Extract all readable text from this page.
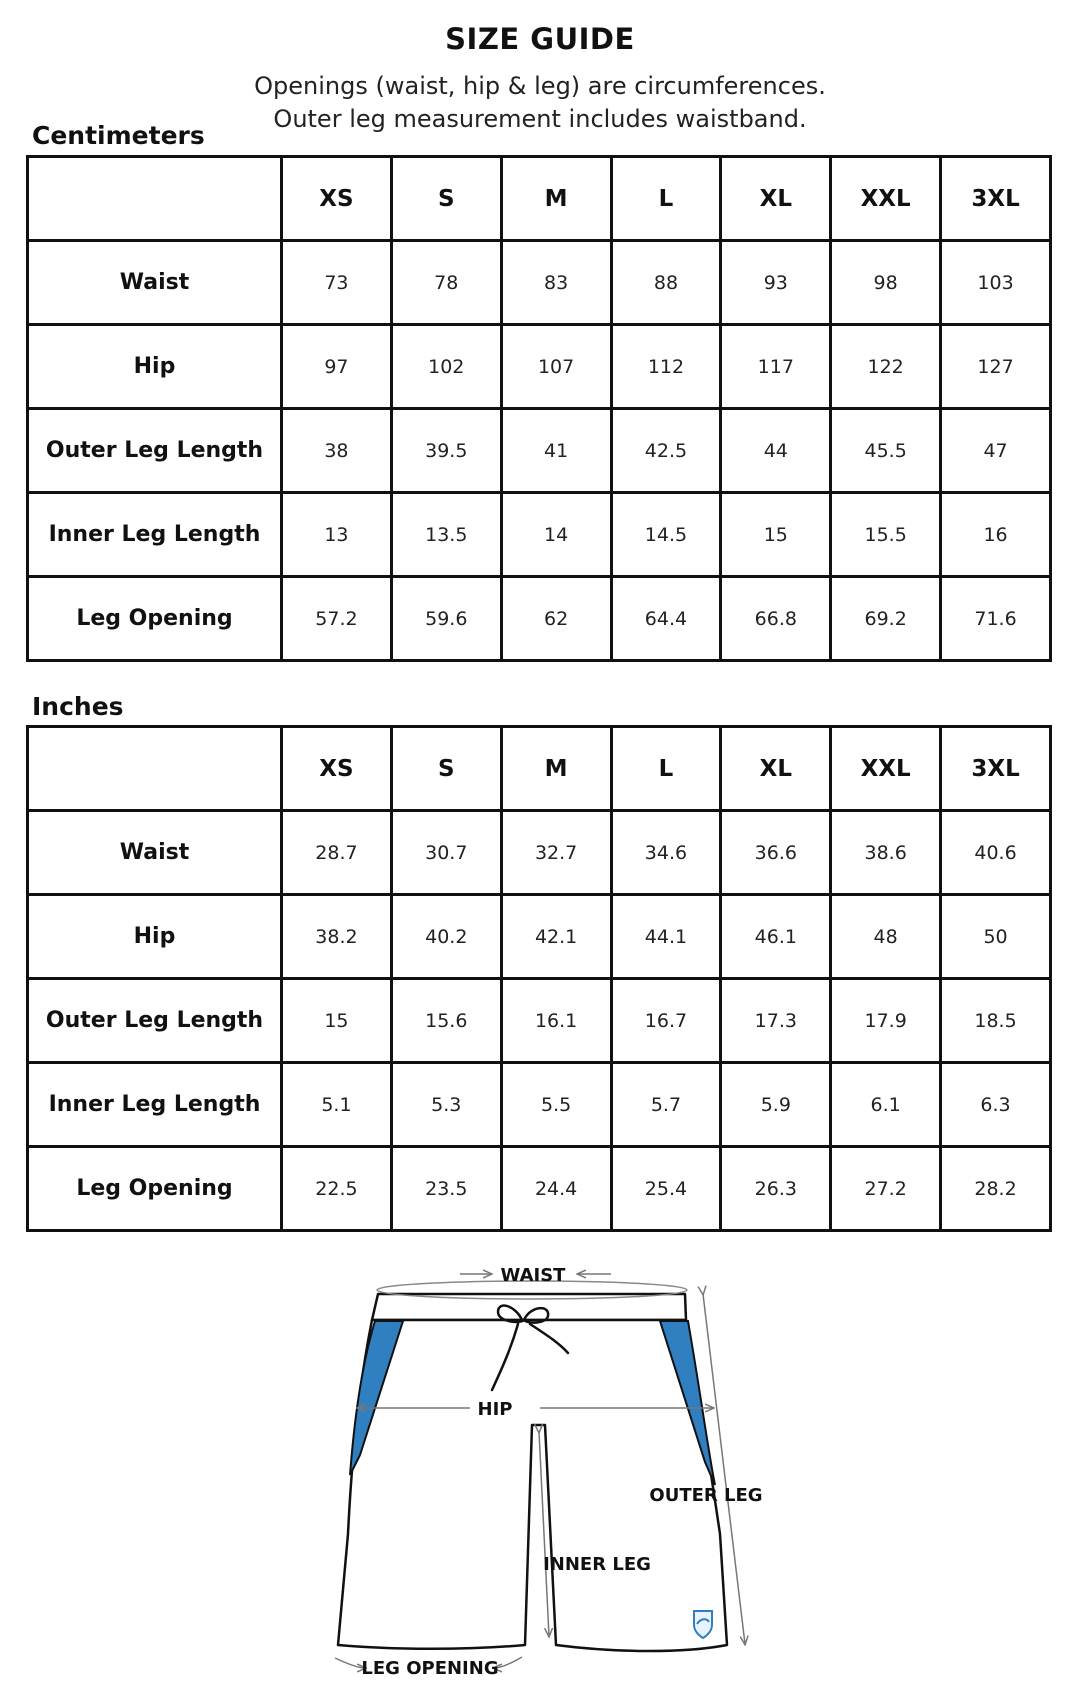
SIZE GUIDE
Openings (waist, hip & leg) are circumferences.
Outer leg measurement includes waistband.
Centimeters
	XS	S	M	L	XL	XXL	3XL
Waist	73	78	83	88	93	98	103
Hip	97	102	107	112	117	122	127
Outer Leg Length	38	39.5	41	42.5	44	45.5	47
Inner Leg Length	13	13.5	14	14.5	15	15.5	16
Leg Opening	57.2	59.6	62	64.4	66.8	69.2	71.6
Inches
	XS	S	M	L	XL	XXL	3XL
Waist	28.7	30.7	32.7	34.6	36.6	38.6	40.6
Hip	38.2	40.2	42.1	44.1	46.1	48	50
Outer Leg Length	15	15.6	16.1	16.7	17.3	17.9	18.5
Inner Leg Length	5.1	5.3	5.5	5.7	5.9	6.1	6.3
Leg Opening	22.5	23.5	24.4	25.4	26.3	27.2	28.2
WAIST
HIP
OUTER LEG
INNER LEG
LEG OPENING
